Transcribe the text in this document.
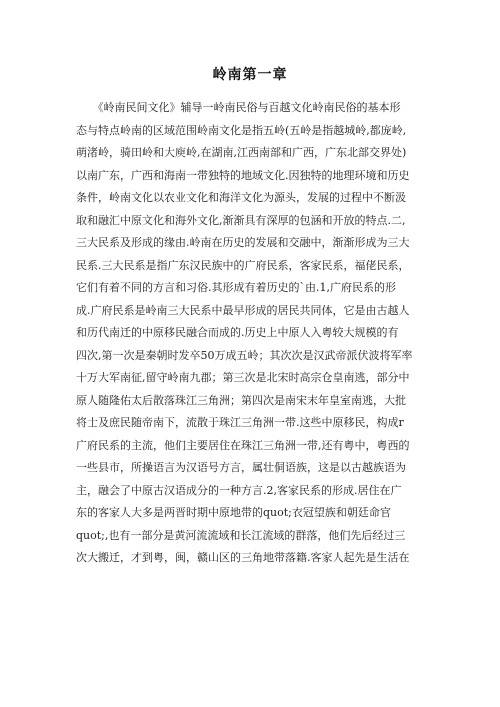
岭南第一章
　　《岭南民间文化》辅导一岭南民俗与百越文化岭南民俗的基本形
态与特点岭南的区域范围岭南文化是指五岭(五岭是指越城岭,都庞岭,
萌渚岭，骑田岭和大庾岭,在湖南,江西南部和广西，广东北部交界处)
以南广东，广西和海南一带独特的地域文化.因独特的地理环境和历史
条件，岭南文化以农业文化和海洋文化为源头，发展的过程中不断汲
取和融汇中原文化和海外文化,渐渐具有深厚的包涵和开放的特点.二,
三大民系及形成的缘由.岭南在历史的发展和交融中，渐渐形成为三大
民系.三大民系是指广东汉民族中的广府民系，客家民系，福佬民系，
它们有着不同的方言和习俗.其形成有着历史的`由.1,广府民系的形
成.广府民系是岭南三大民系中最早形成的居民共同体，它是由古越人
和历代南迁的中原移民融合而成的.历史上中原人入粤较大规模的有
四次,第一次是秦朝时发卒50万成五岭；其次次是汉武帝派伏波将军率
十万大军南征,留守岭南九郡；第三次是北宋时高宗仓皇南逃，部分中
原人随隆佑太后散落珠江三角洲；第四次是南宋末年皇室南逃，大批
将士及庶民随帝南下，流散于珠江三角洲一带.这些中原移民，构成r
广府民系的主流，他们主要居住在珠江三角洲一带,还有粤中，粤西的
一些县市，所操语言为汉语号方言，属壮侗语族，这是以古越族语为
主，融会了中原古汉语成分的一种方言.2,客家民系的形成.居住在广
东的客家人大多是两晋时期中原地带的quot;衣冠望族和朝廷命官
quot;,也有一部分是黄河流流域和长江流域的群落，他们先后经过三
次大搬迁，才到粤，闽，赣山区的三角地带落籍.客家人起先是生活在
